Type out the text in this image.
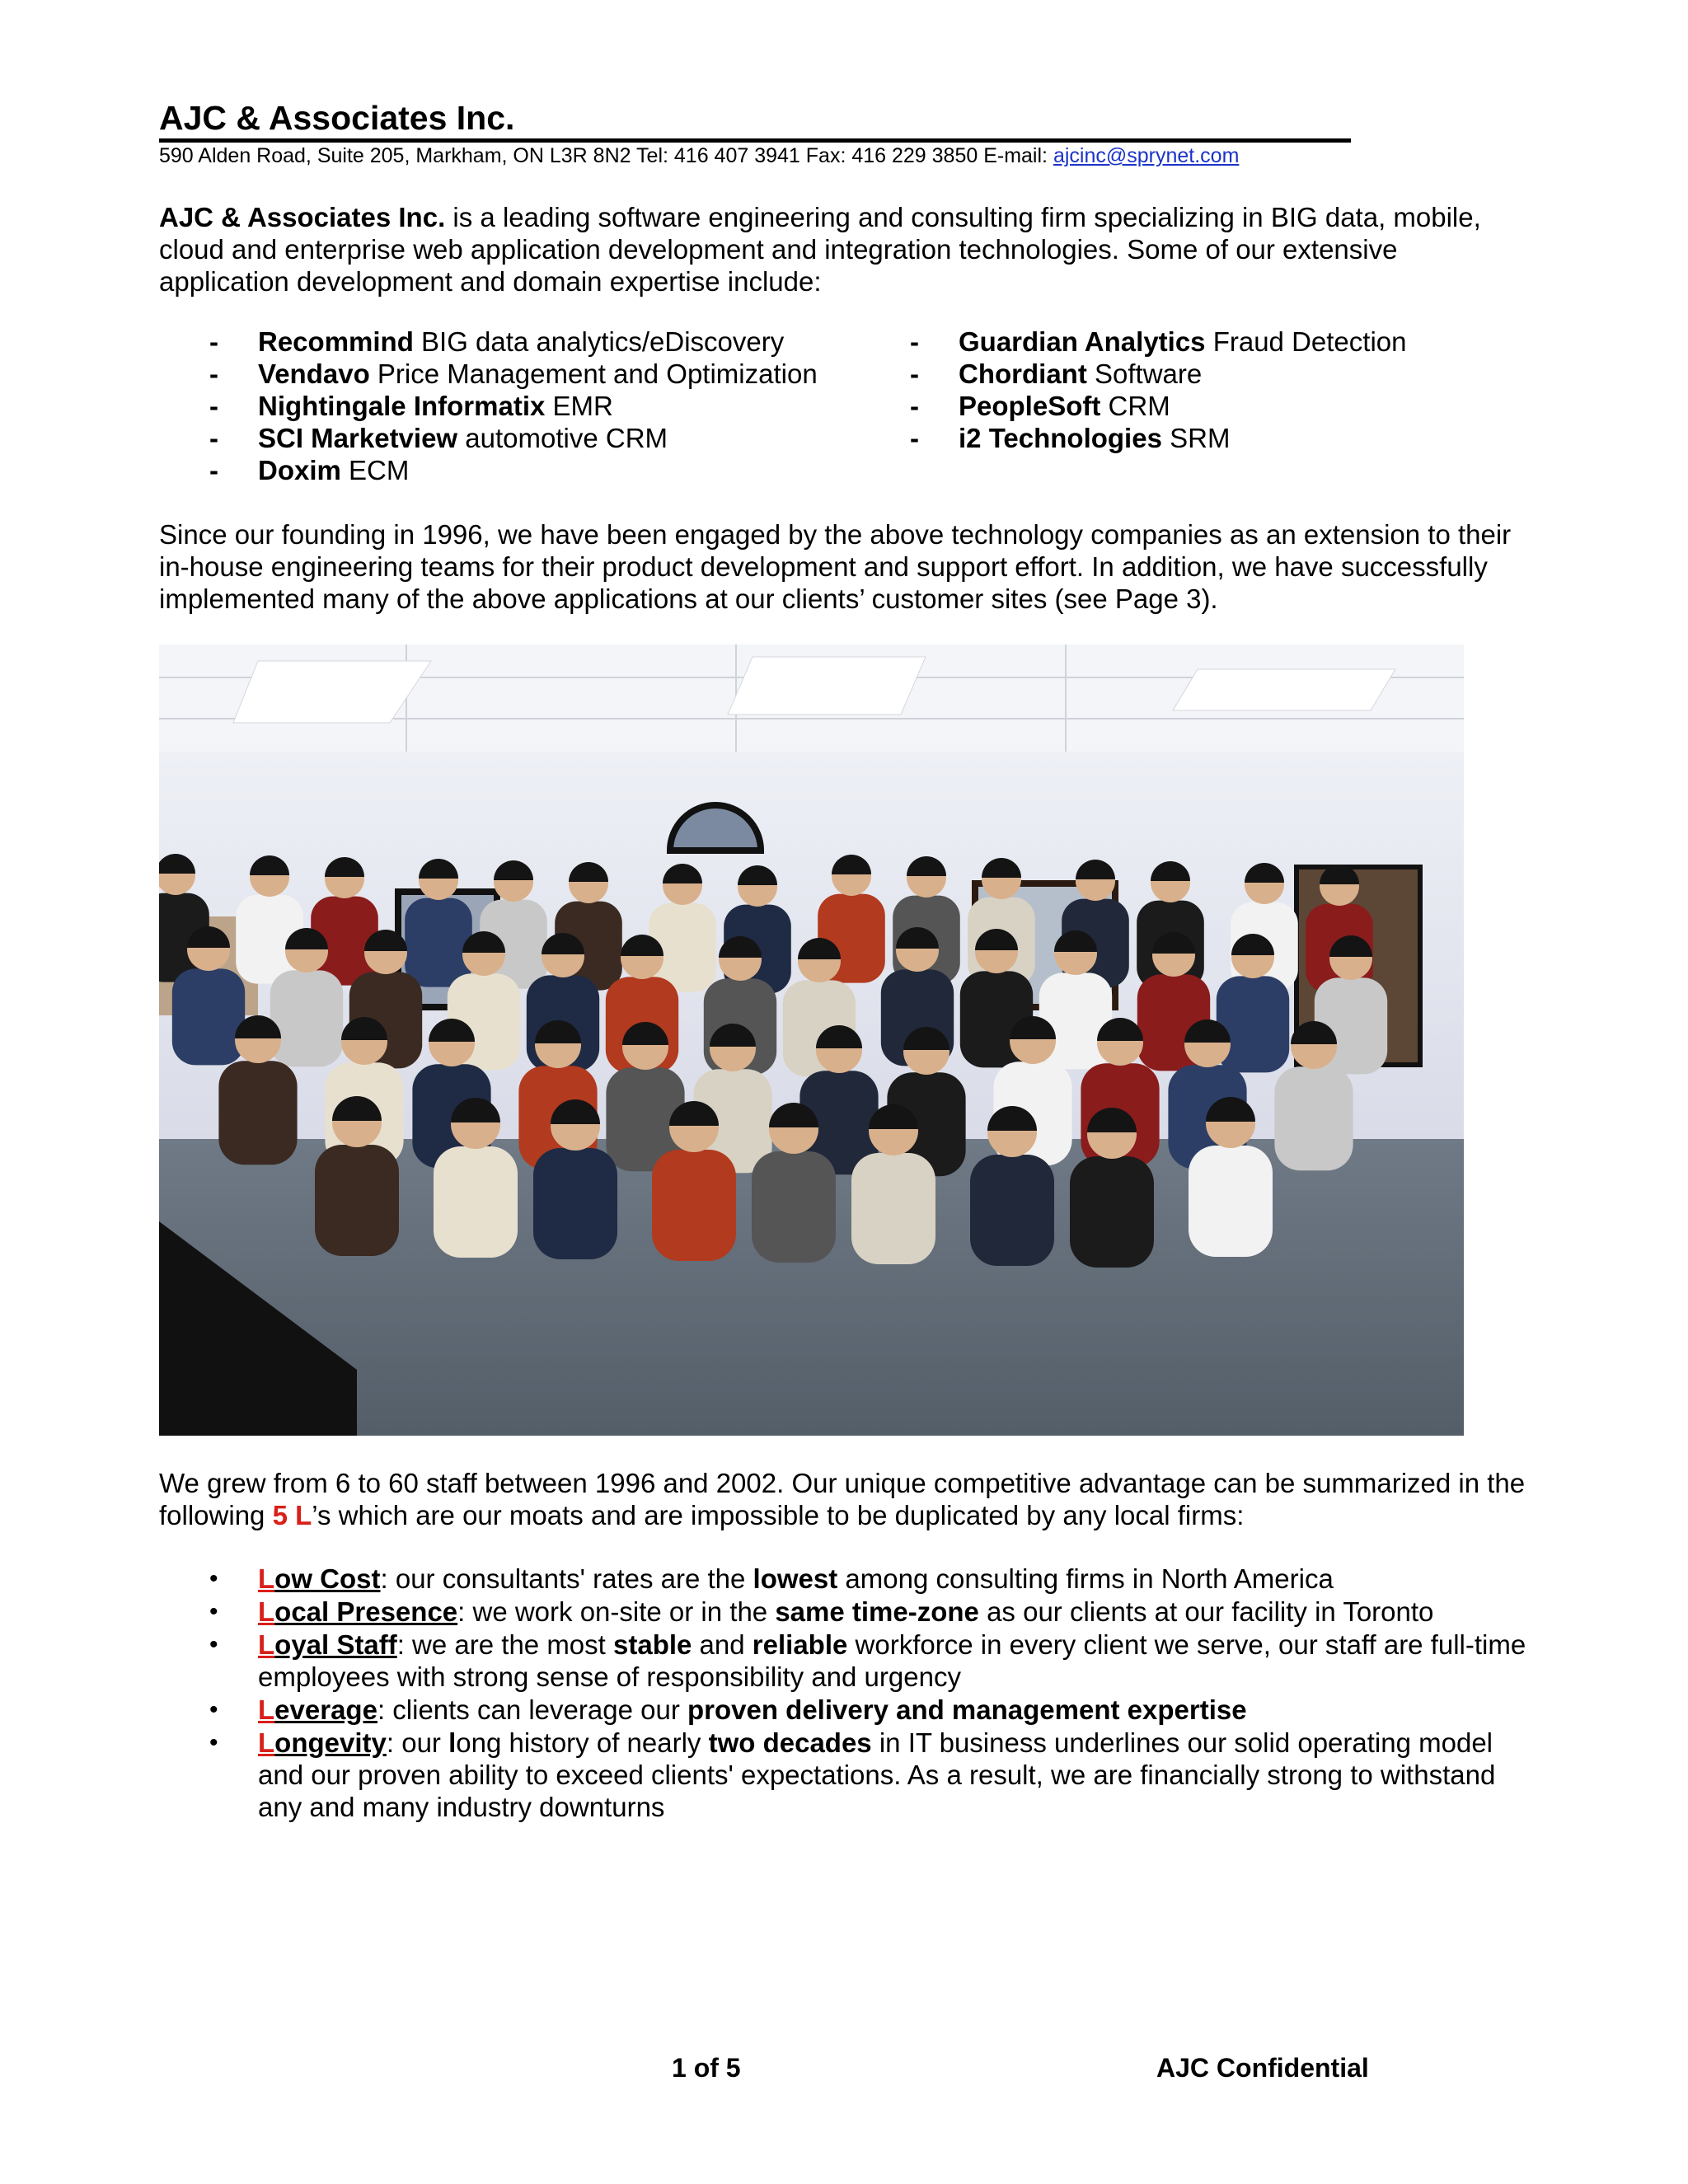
AJC & Associates Inc.
590 Alden Road, Suite 205, Markham, ON L3R 8N2 Tel: 416 407 3941 Fax: 416 229 3850 E-mail: ajcinc@sprynet.com
AJC & Associates Inc. is a leading software engineering and consulting firm specializing in BIG data, mobile, cloud and enterprise web application development and integration technologies. Some of our extensive application development and domain expertise include:
- Recommind BIG data analytics/eDiscovery
- Vendavo Price Management and Optimization
- Nightingale Informatix EMR
- SCI Marketview automotive CRM
- Doxim ECM
- Guardian Analytics Fraud Detection
- Chordiant Software
- PeopleSoft CRM
- i2 Technologies SRM
Since our founding in 1996, we have been engaged by the above technology companies as an extension to their in-house engineering teams for their product development and support effort. In addition, we have successfully implemented many of the above applications at our clients’ customer sites (see Page 3).
We grew from 6 to 60 staff between 1996 and 2002. Our unique competitive advantage can be summarized in the following 5 L’s which are our moats and are impossible to be duplicated by any local firms:
• Low Cost: our consultants' rates are the lowest among consulting firms in North America
• Local Presence: we work on-site or in the same time-zone as our clients at our facility in Toronto
• Loyal Staff: we are the most stable and reliable workforce in every client we serve, our staff are full-time employees with strong sense of responsibility and urgency
• Leverage: clients can leverage our proven delivery and management expertise
• Longevity: our long history of nearly two decades in IT business underlines our solid operating model and our proven ability to exceed clients' expectations. As a result, we are financially strong to withstand any and many industry downturns
1 of 5	AJC Confidential
